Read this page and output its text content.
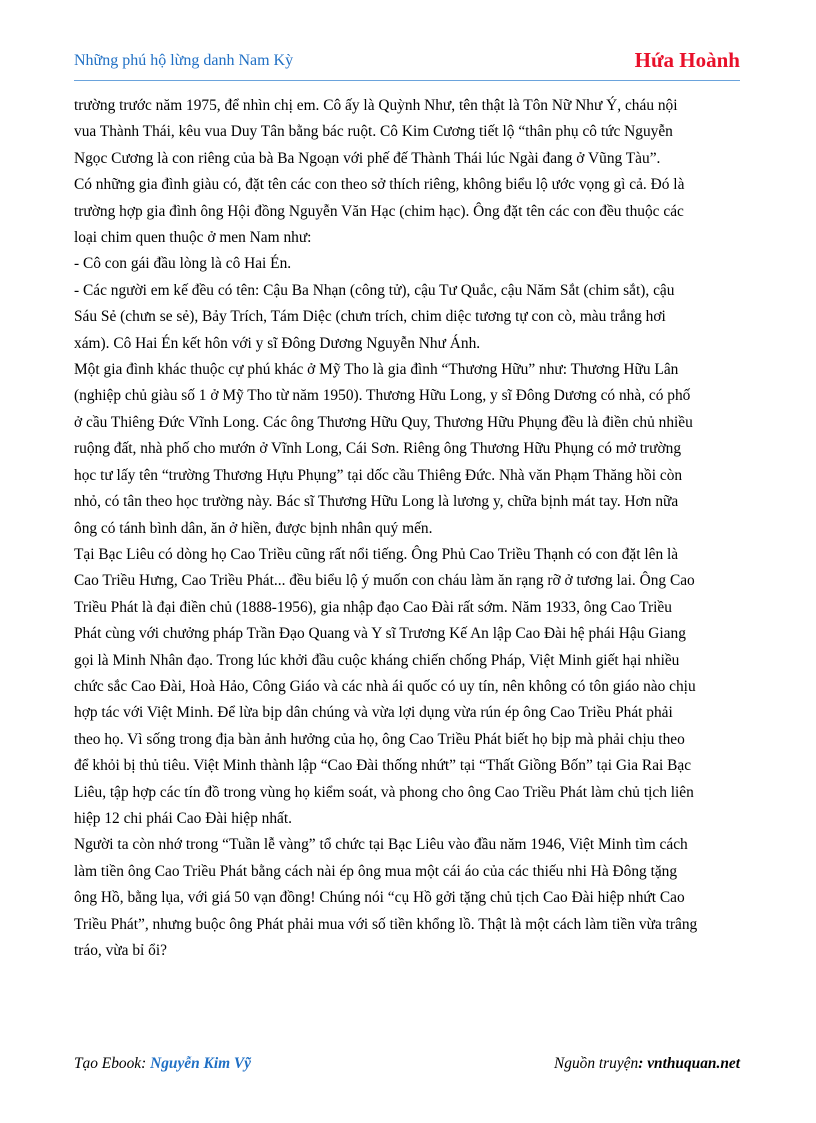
Những phú hộ lừng danh Nam Kỳ	Hứa Hoành

trường trước năm 1975, để nhìn chị em. Cô ấy là Quỳnh Như, tên thật là Tôn Nữ Như Ý, cháu nội

vua Thành Thái, kêu vua Duy Tân bằng bác ruột. Cô Kim Cương tiết lộ “thân phụ cô tức Nguyễn

Ngọc Cương là con riêng của bà Ba Ngoạn với phế đế Thành Thái lúc Ngài đang ở Vũng Tàu”.

Có những gia đình giàu có, đặt tên các con theo sở thích riêng, không biểu lộ ước vọng gì cả. Đó là

trường hợp gia đình ông Hội đồng Nguyễn Văn Hạc (chim hạc). Ông đặt tên các con đều thuộc các

loại chim quen thuộc ở men Nam như:

- Cô con gái đầu lòng là cô Hai Én.

- Các người em kế đều có tên: Cậu Ba Nhạn (công tử), cậu Tư Quắc, cậu Năm Sắt (chim sắt), cậu

Sáu Sẻ (chưn se sẻ), Bảy Trích, Tám Diệc (chưn trích, chim diệc tương tự con cò, màu trắng hơi

xám). Cô Hai Én kết hôn với y sĩ Đông Dương Nguyễn Như Ánh.

Một gia đình khác thuộc cự phú khác ở Mỹ Tho là gia đình “Thương Hữu” như: Thương Hữu Lân

(nghiệp chủ giàu số 1 ở Mỹ Tho từ năm 1950). Thương Hữu Long, y sĩ Đông Dương có nhà, có phố

ở cầu Thiêng Đức Vĩnh Long. Các ông Thương Hữu Quy, Thương Hữu Phụng đều là điền chủ nhiều

ruộng đất, nhà phố cho mướn ở Vĩnh Long, Cái Sơn. Riêng ông Thương Hữu Phụng có mở trường

học tư lấy tên “trường Thương Hựu Phụng” tại dốc cầu Thiêng Đức. Nhà văn Phạm Thăng hồi còn

nhỏ, có tân theo học trường này. Bác sĩ Thương Hữu Long là lương y, chữa bịnh mát tay. Hơn nữa

ông có tánh bình dân, ăn ở hiền, được bịnh nhân quý mến.

Tại Bạc Liêu có dòng họ Cao Triều cũng rất nổi tiếng. Ông Phủ Cao Triều Thạnh có con đặt lên là

Cao Triều Hưng, Cao Triều Phát... đều biểu lộ ý muốn con cháu làm ăn rạng rỡ ở tương lai. Ông Cao

Triều Phát là đại điền chủ (1888-1956), gia nhập đạo Cao Đài rất sớm. Năm 1933, ông Cao Triều

Phát cùng với chưởng pháp Trần Đạo Quang và Y sĩ Trương Kế An lập Cao Đài hệ phái Hậu Giang

gọi là Minh Nhân đạo. Trong lúc khởi đầu cuộc kháng chiến chống Pháp, Việt Minh giết hại nhiều

chức sắc Cao Đài, Hoà Hảo, Công Giáo và các nhà ái quốc có uy tín, nên không có tôn giáo nào chịu

hợp tác với Việt Minh. Để lừa bịp dân chúng và vừa lợi dụng vừa rún ép ông Cao Triều Phát phải

theo họ. Vì sống trong địa bàn ảnh hưởng của họ, ông Cao Triều Phát biết họ bịp mà phải chịu theo

để khỏi bị thủ tiêu. Việt Minh thành lập “Cao Đài thống nhứt” tại “Thất Giồng Bốn” tại Gia Rai Bạc

Liêu, tập hợp các tín đồ trong vùng họ kiểm soát, và phong cho ông Cao Triều Phát làm chủ tịch liên

hiệp 12 chi phái Cao Đài hiệp nhất.

Người ta còn nhớ trong “Tuần lễ vàng” tổ chức tại Bạc Liêu vào đầu năm 1946, Việt Minh tìm cách

làm tiền ông Cao Triều Phát bằng cách nài ép ông mua một cái áo của các thiếu nhi Hà Đông tặng

ông Hồ, bằng lụa, với giá 50 vạn đồng! Chúng nói “cụ Hồ gởi tặng chủ tịch Cao Đài hiệp nhứt Cao

Triều Phát”, nhưng buộc ông Phát phải mua với số tiền khổng lồ. Thật là một cách làm tiền vừa trâng

tráo, vừa bỉ ổi?

Tạo Ebook: Nguyễn Kim Vỹ	Nguồn truyện: vnthuquan.net
